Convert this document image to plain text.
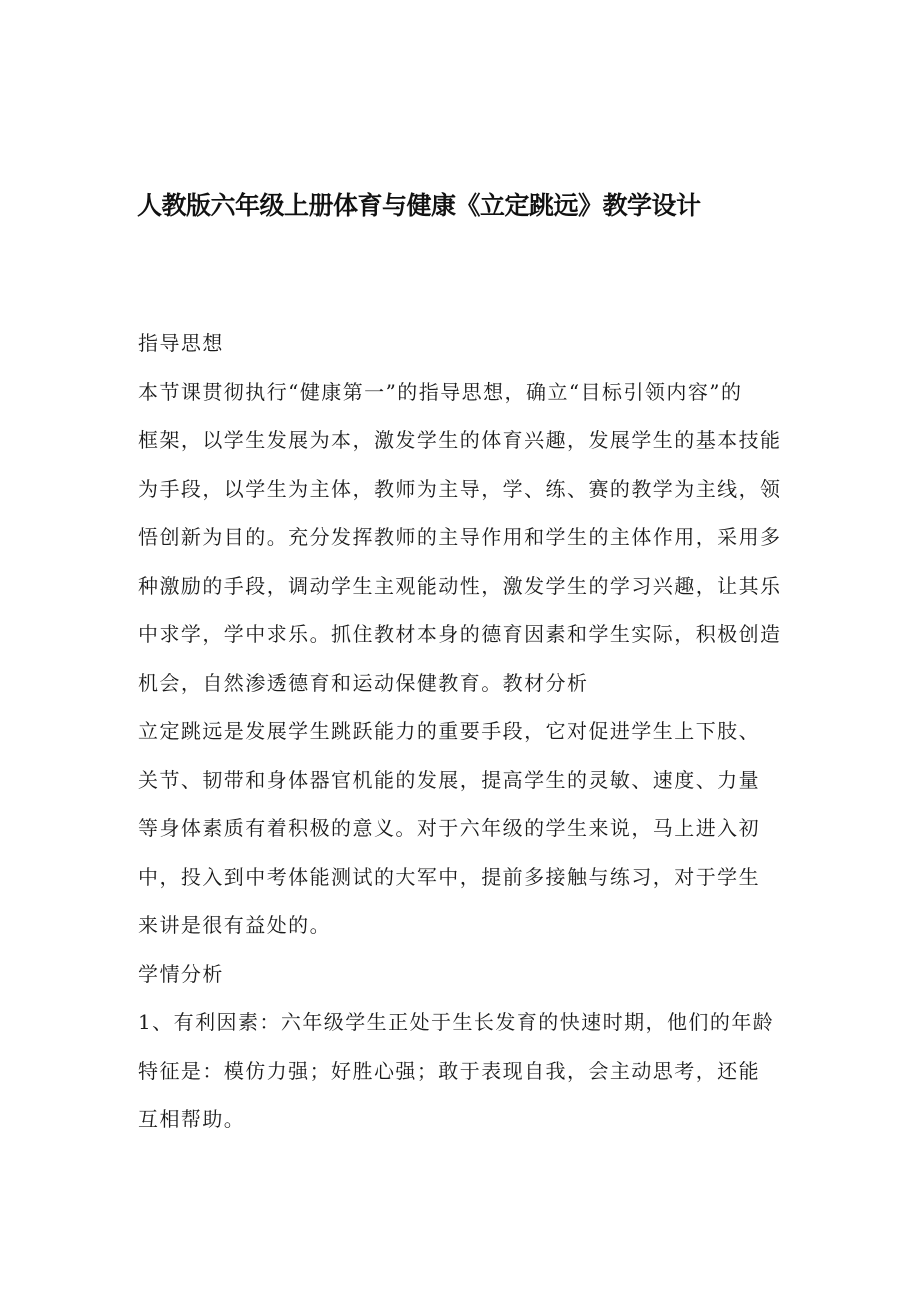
人教版六年级上册体育与健康《立定跳远》教学设计
指导思想
本节课贯彻执行“健康第一”的指导思想，确立“目标引领内容”的
框架，以学生发展为本，激发学生的体育兴趣，发展学生的基本技能
为手段，以学生为主体，教师为主导，学、练、赛的教学为主线，领
悟创新为目的。充分发挥教师的主导作用和学生的主体作用，采用多
种激励的手段，调动学生主观能动性，激发学生的学习兴趣，让其乐
中求学，学中求乐。抓住教材本身的德育因素和学生实际，积极创造
机会，自然渗透德育和运动保健教育。教材分析
立定跳远是发展学生跳跃能力的重要手段，它对促进学生上下肢、
关节、韧带和身体器官机能的发展，提高学生的灵敏、速度、力量
等身体素质有着积极的意义。对于六年级的学生来说，马上进入初
中，投入到中考体能测试的大军中，提前多接触与练习，对于学生
来讲是很有益处的。
学情分析
1、有利因素：六年级学生正处于生长发育的快速时期，他们的年龄
特征是：模仿力强；好胜心强；敢于表现自我，会主动思考，还能
互相帮助。
